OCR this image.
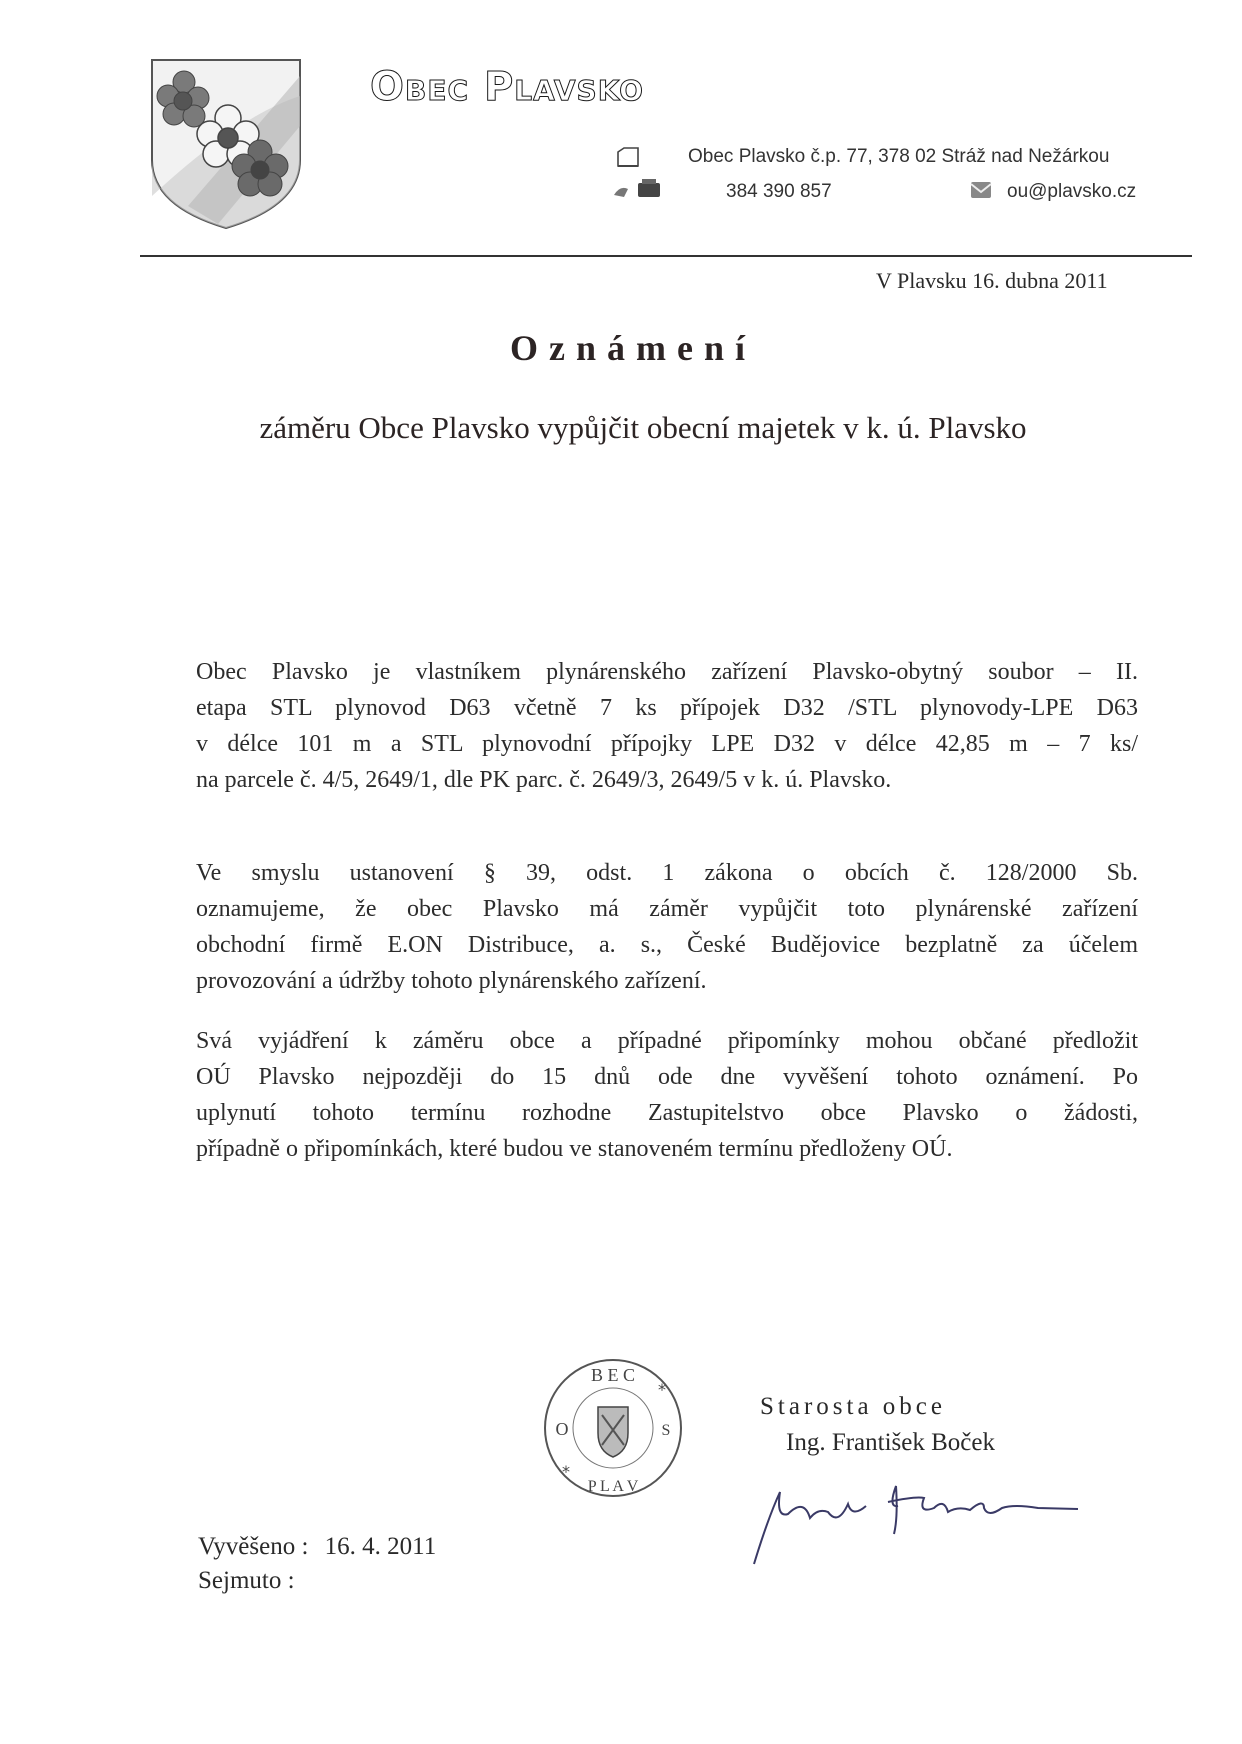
Obec Plavsko
Obec Plavsko č.p. 77, 378 02 Stráž nad Nežárkou
384 390 857	ou@plavsko.cz
V Plavsku 16. dubna 2011
Oznámení
záměru Obce Plavsko vypůjčit obecní majetek v k. ú. Plavsko
Obec Plavsko je vlastníkem plynárenského zařízení Plavsko-obytný soubor – II.
etapa STL plynovod D63 včetně 7 ks přípojek D32 /STL plynovody-LPE D63
v délce 101 m a STL plynovodní přípojky LPE D32 v délce 42,85 m – 7 ks/
na parcele č. 4/5, 2649/1, dle PK parc. č. 2649/3, 2649/5 v k. ú. Plavsko.
Ve smyslu ustanovení § 39, odst. 1 zákona o obcích č. 128/2000 Sb.
oznamujeme, že obec Plavsko má záměr vypůjčit toto plynárenské zařízení
obchodní firmě E.ON Distribuce, a. s., České Budějovice bezplatně za účelem
provozování a údržby tohoto plynárenského zařízení.
Svá vyjádření k záměru obce a případné připomínky mohou občané předložit
OÚ Plavsko nejpozději do 15 dnů ode dne vyvěšení tohoto oznámení. Po
uplynutí tohoto termínu rozhodne Zastupitelstvo obce Plavsko o žádosti,
případně o připomínkách, které budou ve stanoveném termínu předloženy OÚ.
B E C
O	S
P L A V
*
*
Starosta obce
Ing. František Boček
Vyvěšeno : 16. 4. 2011
Sejmuto :
